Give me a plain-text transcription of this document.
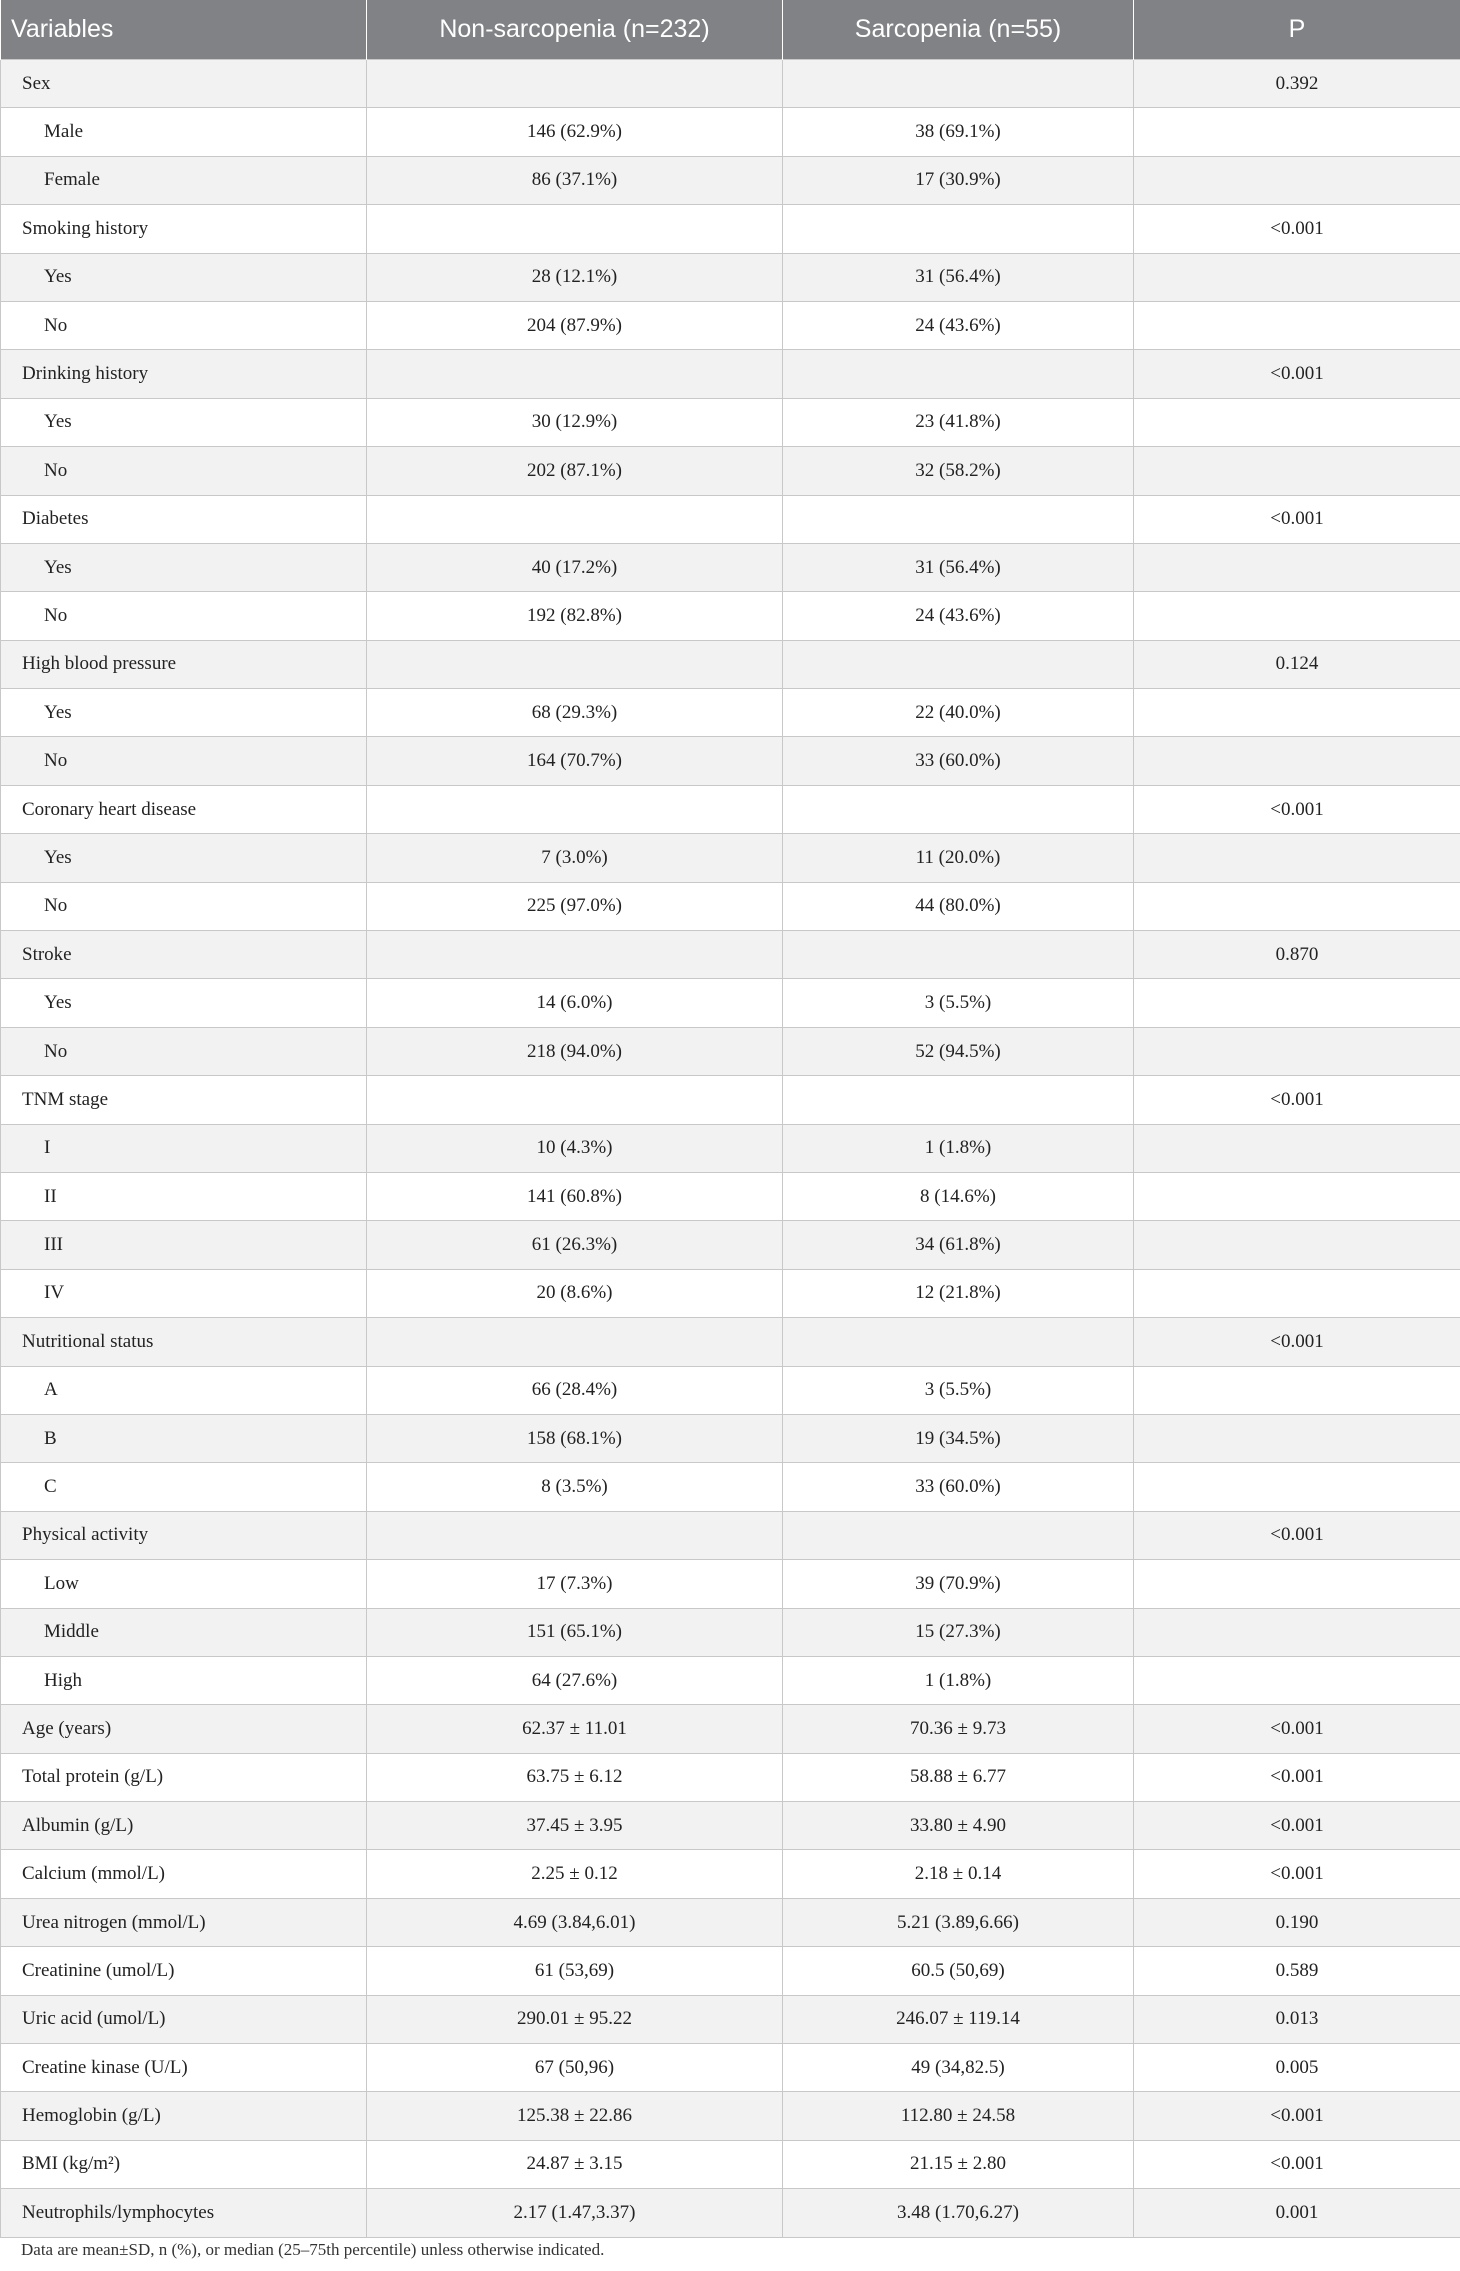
Variables	Non-sarcopenia (n=232)	Sarcopenia (n=55)	P
Sex			0.392
Male	146 (62.9%)	38 (69.1%)	
Female	86 (37.1%)	17 (30.9%)	
Smoking history			<0.001
Yes	28 (12.1%)	31 (56.4%)	
No	204 (87.9%)	24 (43.6%)	
Drinking history			<0.001
Yes	30 (12.9%)	23 (41.8%)	
No	202 (87.1%)	32 (58.2%)	
Diabetes			<0.001
Yes	40 (17.2%)	31 (56.4%)	
No	192 (82.8%)	24 (43.6%)	
High blood pressure			0.124
Yes	68 (29.3%)	22 (40.0%)	
No	164 (70.7%)	33 (60.0%)	
Coronary heart disease			<0.001
Yes	7 (3.0%)	11 (20.0%)	
No	225 (97.0%)	44 (80.0%)	
Stroke			0.870
Yes	14 (6.0%)	3 (5.5%)	
No	218 (94.0%)	52 (94.5%)	
TNM stage			<0.001
I	10 (4.3%)	1 (1.8%)	
II	141 (60.8%)	8 (14.6%)	
III	61 (26.3%)	34 (61.8%)	
IV	20 (8.6%)	12 (21.8%)	
Nutritional status			<0.001
A	66 (28.4%)	3 (5.5%)	
B	158 (68.1%)	19 (34.5%)	
C	8 (3.5%)	33 (60.0%)	
Physical activity			<0.001
Low	17 (7.3%)	39 (70.9%)	
Middle	151 (65.1%)	15 (27.3%)	
High	64 (27.6%)	1 (1.8%)	
Age (years)	62.37 ± 11.01	70.36 ± 9.73	<0.001
Total protein (g/L)	63.75 ± 6.12	58.88 ± 6.77	<0.001
Albumin (g/L)	37.45 ± 3.95	33.80 ± 4.90	<0.001
Calcium (mmol/L)	2.25 ± 0.12	2.18 ± 0.14	<0.001
Urea nitrogen (mmol/L)	4.69 (3.84,6.01)	5.21 (3.89,6.66)	0.190
Creatinine (umol/L)	61 (53,69)	60.5 (50,69)	0.589
Uric acid (umol/L)	290.01 ± 95.22	246.07 ± 119.14	0.013
Creatine kinase (U/L)	67 (50,96)	49 (34,82.5)	0.005
Hemoglobin (g/L)	125.38 ± 22.86	112.80 ± 24.58	<0.001
BMI (kg/m²)	24.87 ± 3.15	21.15 ± 2.80	<0.001
Neutrophils/lymphocytes	2.17 (1.47,3.37)	3.48 (1.70,6.27)	0.001
Data are mean±SD, n (%), or median (25–75th percentile) unless otherwise indicated.
